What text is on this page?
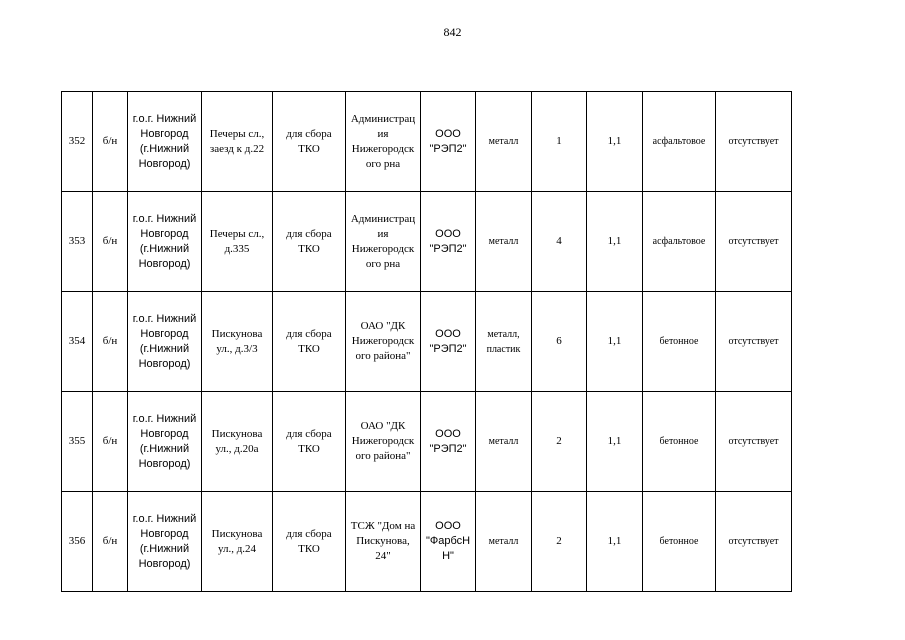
842
352	б/н	г.о.г. Нижний
Новгород
(г.Нижний
Новгород)	Печеры сл.,
заезд к д.22	для сбора
ТКО	Администрац
ия
Нижегородск
ого рна	ООО
"РЭП2"	металл	1	1,1	асфальтовое	отсутствует
353	б/н	г.о.г. Нижний
Новгород
(г.Нижний
Новгород)	Печеры сл.,
д.335	для сбора
ТКО	Администрац
ия
Нижегородск
ого рна	ООО
"РЭП2"	металл	4	1,1	асфальтовое	отсутствует
354	б/н	г.о.г. Нижний
Новгород
(г.Нижний
Новгород)	Пискунова
ул., д.3/3	для сбора
ТКО	ОАО "ДК
Нижегородск
ого района"	ООО
"РЭП2"	металл,
пластик	6	1,1	бетонное	отсутствует
355	б/н	г.о.г. Нижний
Новгород
(г.Нижний
Новгород)	Пискунова
ул., д.20а	для сбора
ТКО	ОАО "ДК
Нижегородск
ого района"	ООО
"РЭП2"	металл	2	1,1	бетонное	отсутствует
356	б/н	г.о.г. Нижний
Новгород
(г.Нижний
Новгород)	Пискунова
ул., д.24	для сбора
ТКО	ТСЖ "Дом на
Пискунова,
24"	ООО
"ФарбсН
Н"	металл	2	1,1	бетонное	отсутствует
